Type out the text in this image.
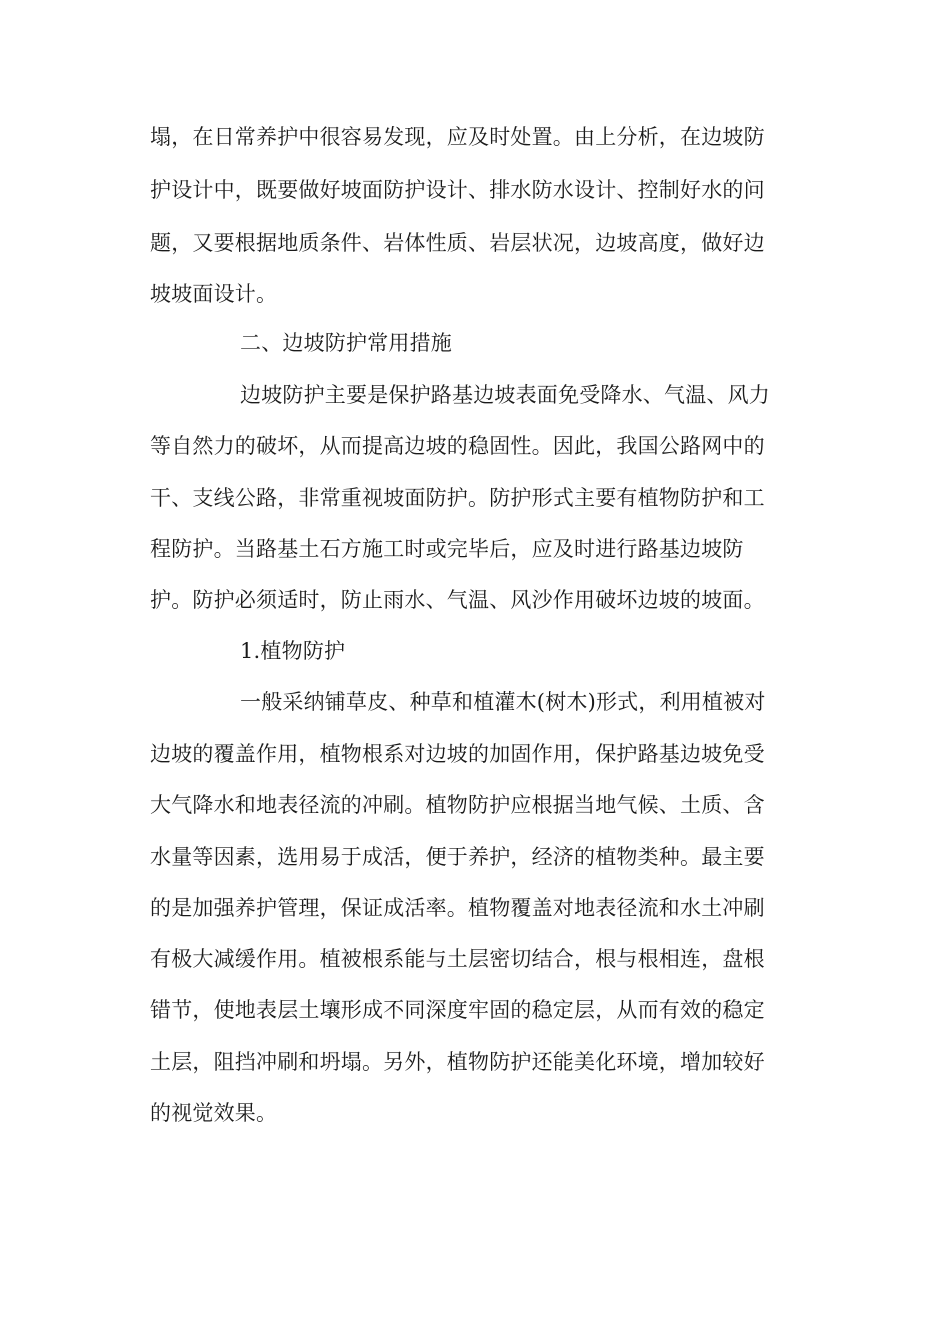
塌，在日常养护中很容易发现，应及时处置。由上分析，在边坡防
护设计中，既要做好坡面防护设计、排水防水设计、控制好水的问
题，又要根据地质条件、岩体性质、岩层状况，边坡高度，做好边
坡坡面设计。
二、边坡防护常用措施
边坡防护主要是保护路基边坡表面免受降水、气温、风力
等自然力的破坏，从而提高边坡的稳固性。因此，我国公路网中的
干、支线公路，非常重视坡面防护。防护形式主要有植物防护和工
程防护。当路基土石方施工时或完毕后，应及时进行路基边坡防
护。防护必须适时，防止雨水、气温、风沙作用破坏边坡的坡面。
1.植物防护
一般采纳铺草皮、种草和植灌木(树木)形式，利用植被对
边坡的覆盖作用，植物根系对边坡的加固作用，保护路基边坡免受
大气降水和地表径流的冲刷。植物防护应根据当地气候、土质、含
水量等因素，选用易于成活，便于养护，经济的植物类种。最主要
的是加强养护管理，保证成活率。植物覆盖对地表径流和水土冲刷
有极大减缓作用。植被根系能与土层密切结合，根与根相连，盘根
错节，使地表层土壤形成不同深度牢固的稳定层，从而有效的稳定
土层，阻挡冲刷和坍塌。另外，植物防护还能美化环境，增加较好
的视觉效果。
